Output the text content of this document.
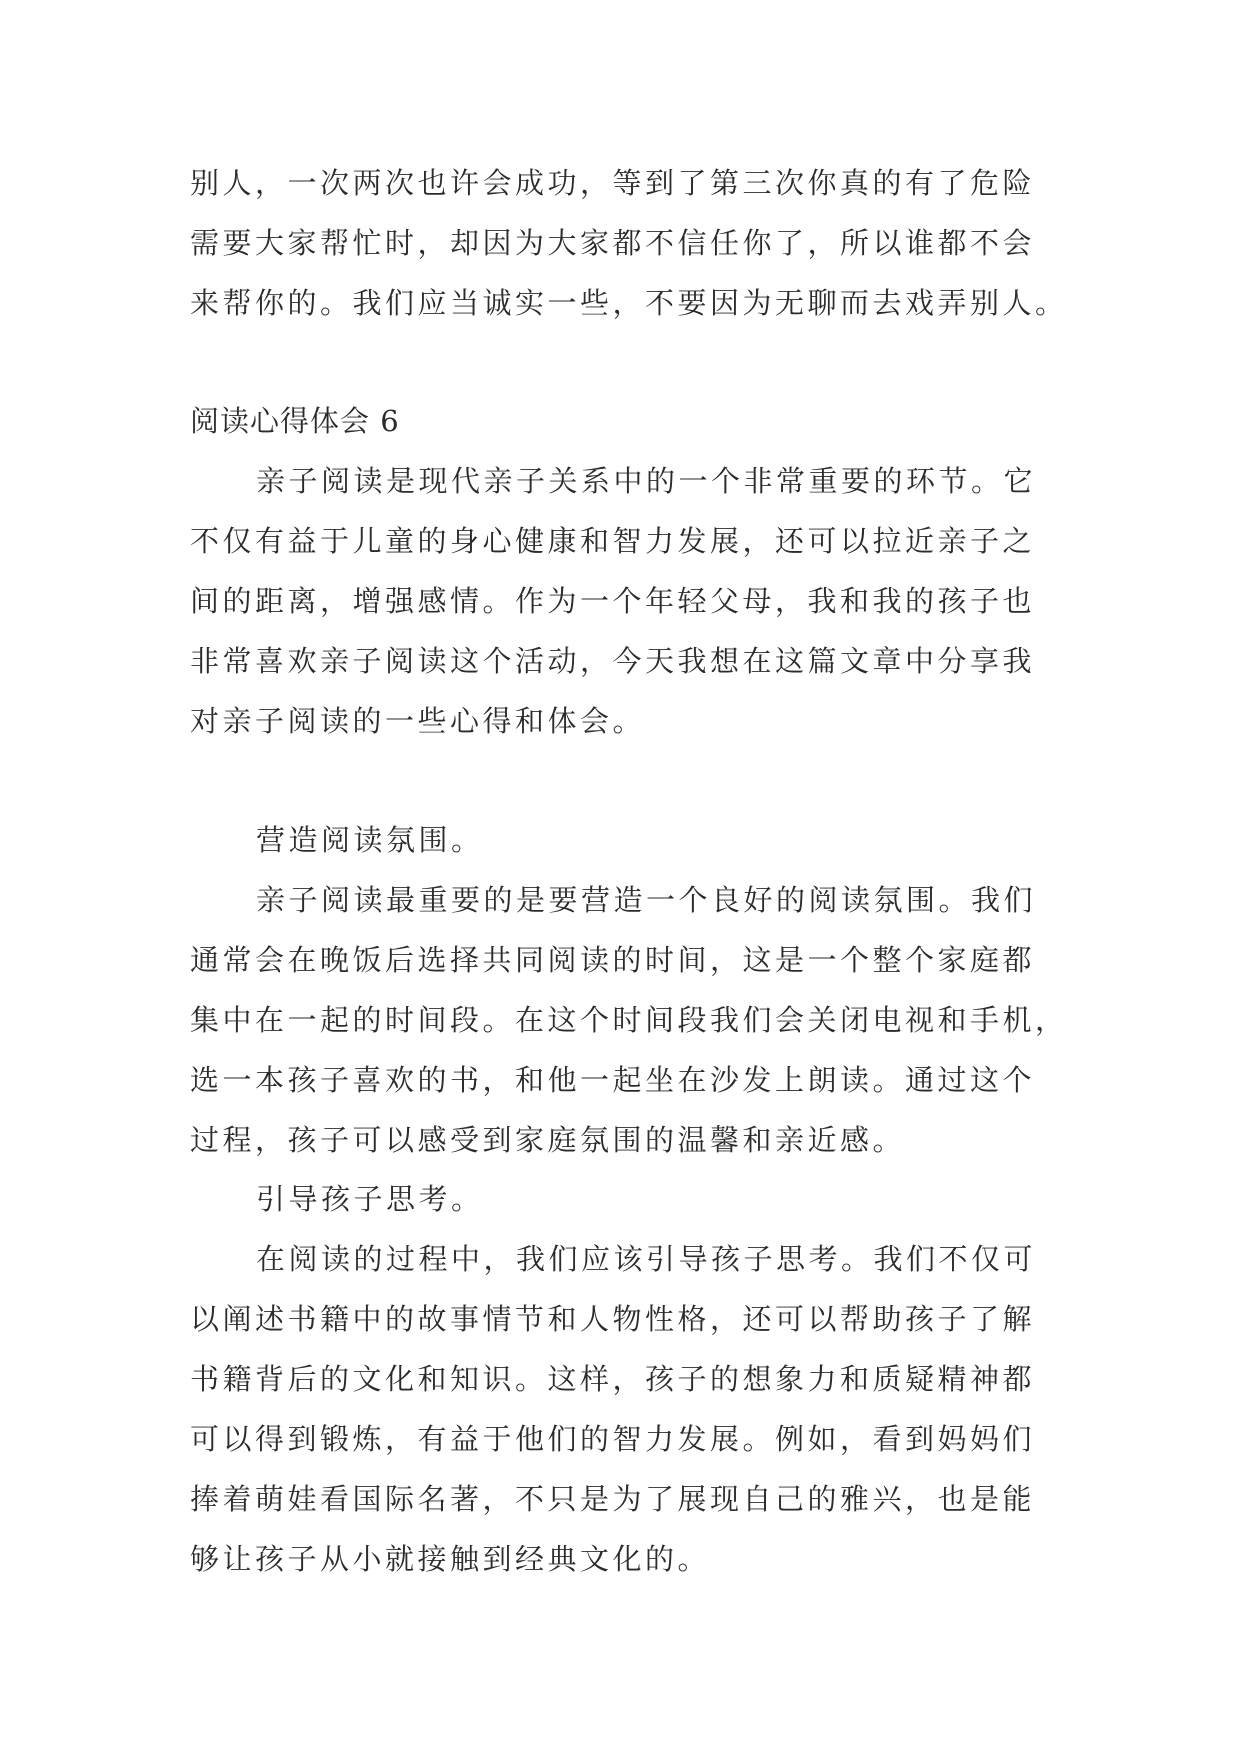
别人，一次两次也许会成功，等到了第三次你真的有了危险
需要大家帮忙时，却因为大家都不信任你了，所以谁都不会
来帮你的。我们应当诚实一些，不要因为无聊而去戏弄别人。
阅读心得体会 6
亲子阅读是现代亲子关系中的一个非常重要的环节。它
不仅有益于儿童的身心健康和智力发展，还可以拉近亲子之
间的距离，增强感情。作为一个年轻父母，我和我的孩子也
非常喜欢亲子阅读这个活动，今天我想在这篇文章中分享我
对亲子阅读的一些心得和体会。
营造阅读氛围。
亲子阅读最重要的是要营造一个良好的阅读氛围。我们
通常会在晚饭后选择共同阅读的时间，这是一个整个家庭都
集中在一起的时间段。在这个时间段我们会关闭电视和手机，
选一本孩子喜欢的书，和他一起坐在沙发上朗读。通过这个
过程，孩子可以感受到家庭氛围的温馨和亲近感。
引导孩子思考。
在阅读的过程中，我们应该引导孩子思考。我们不仅可
以阐述书籍中的故事情节和人物性格，还可以帮助孩子了解
书籍背后的文化和知识。这样，孩子的想象力和质疑精神都
可以得到锻炼，有益于他们的智力发展。例如，看到妈妈们
捧着萌娃看国际名著，不只是为了展现自己的雅兴，也是能
够让孩子从小就接触到经典文化的。
